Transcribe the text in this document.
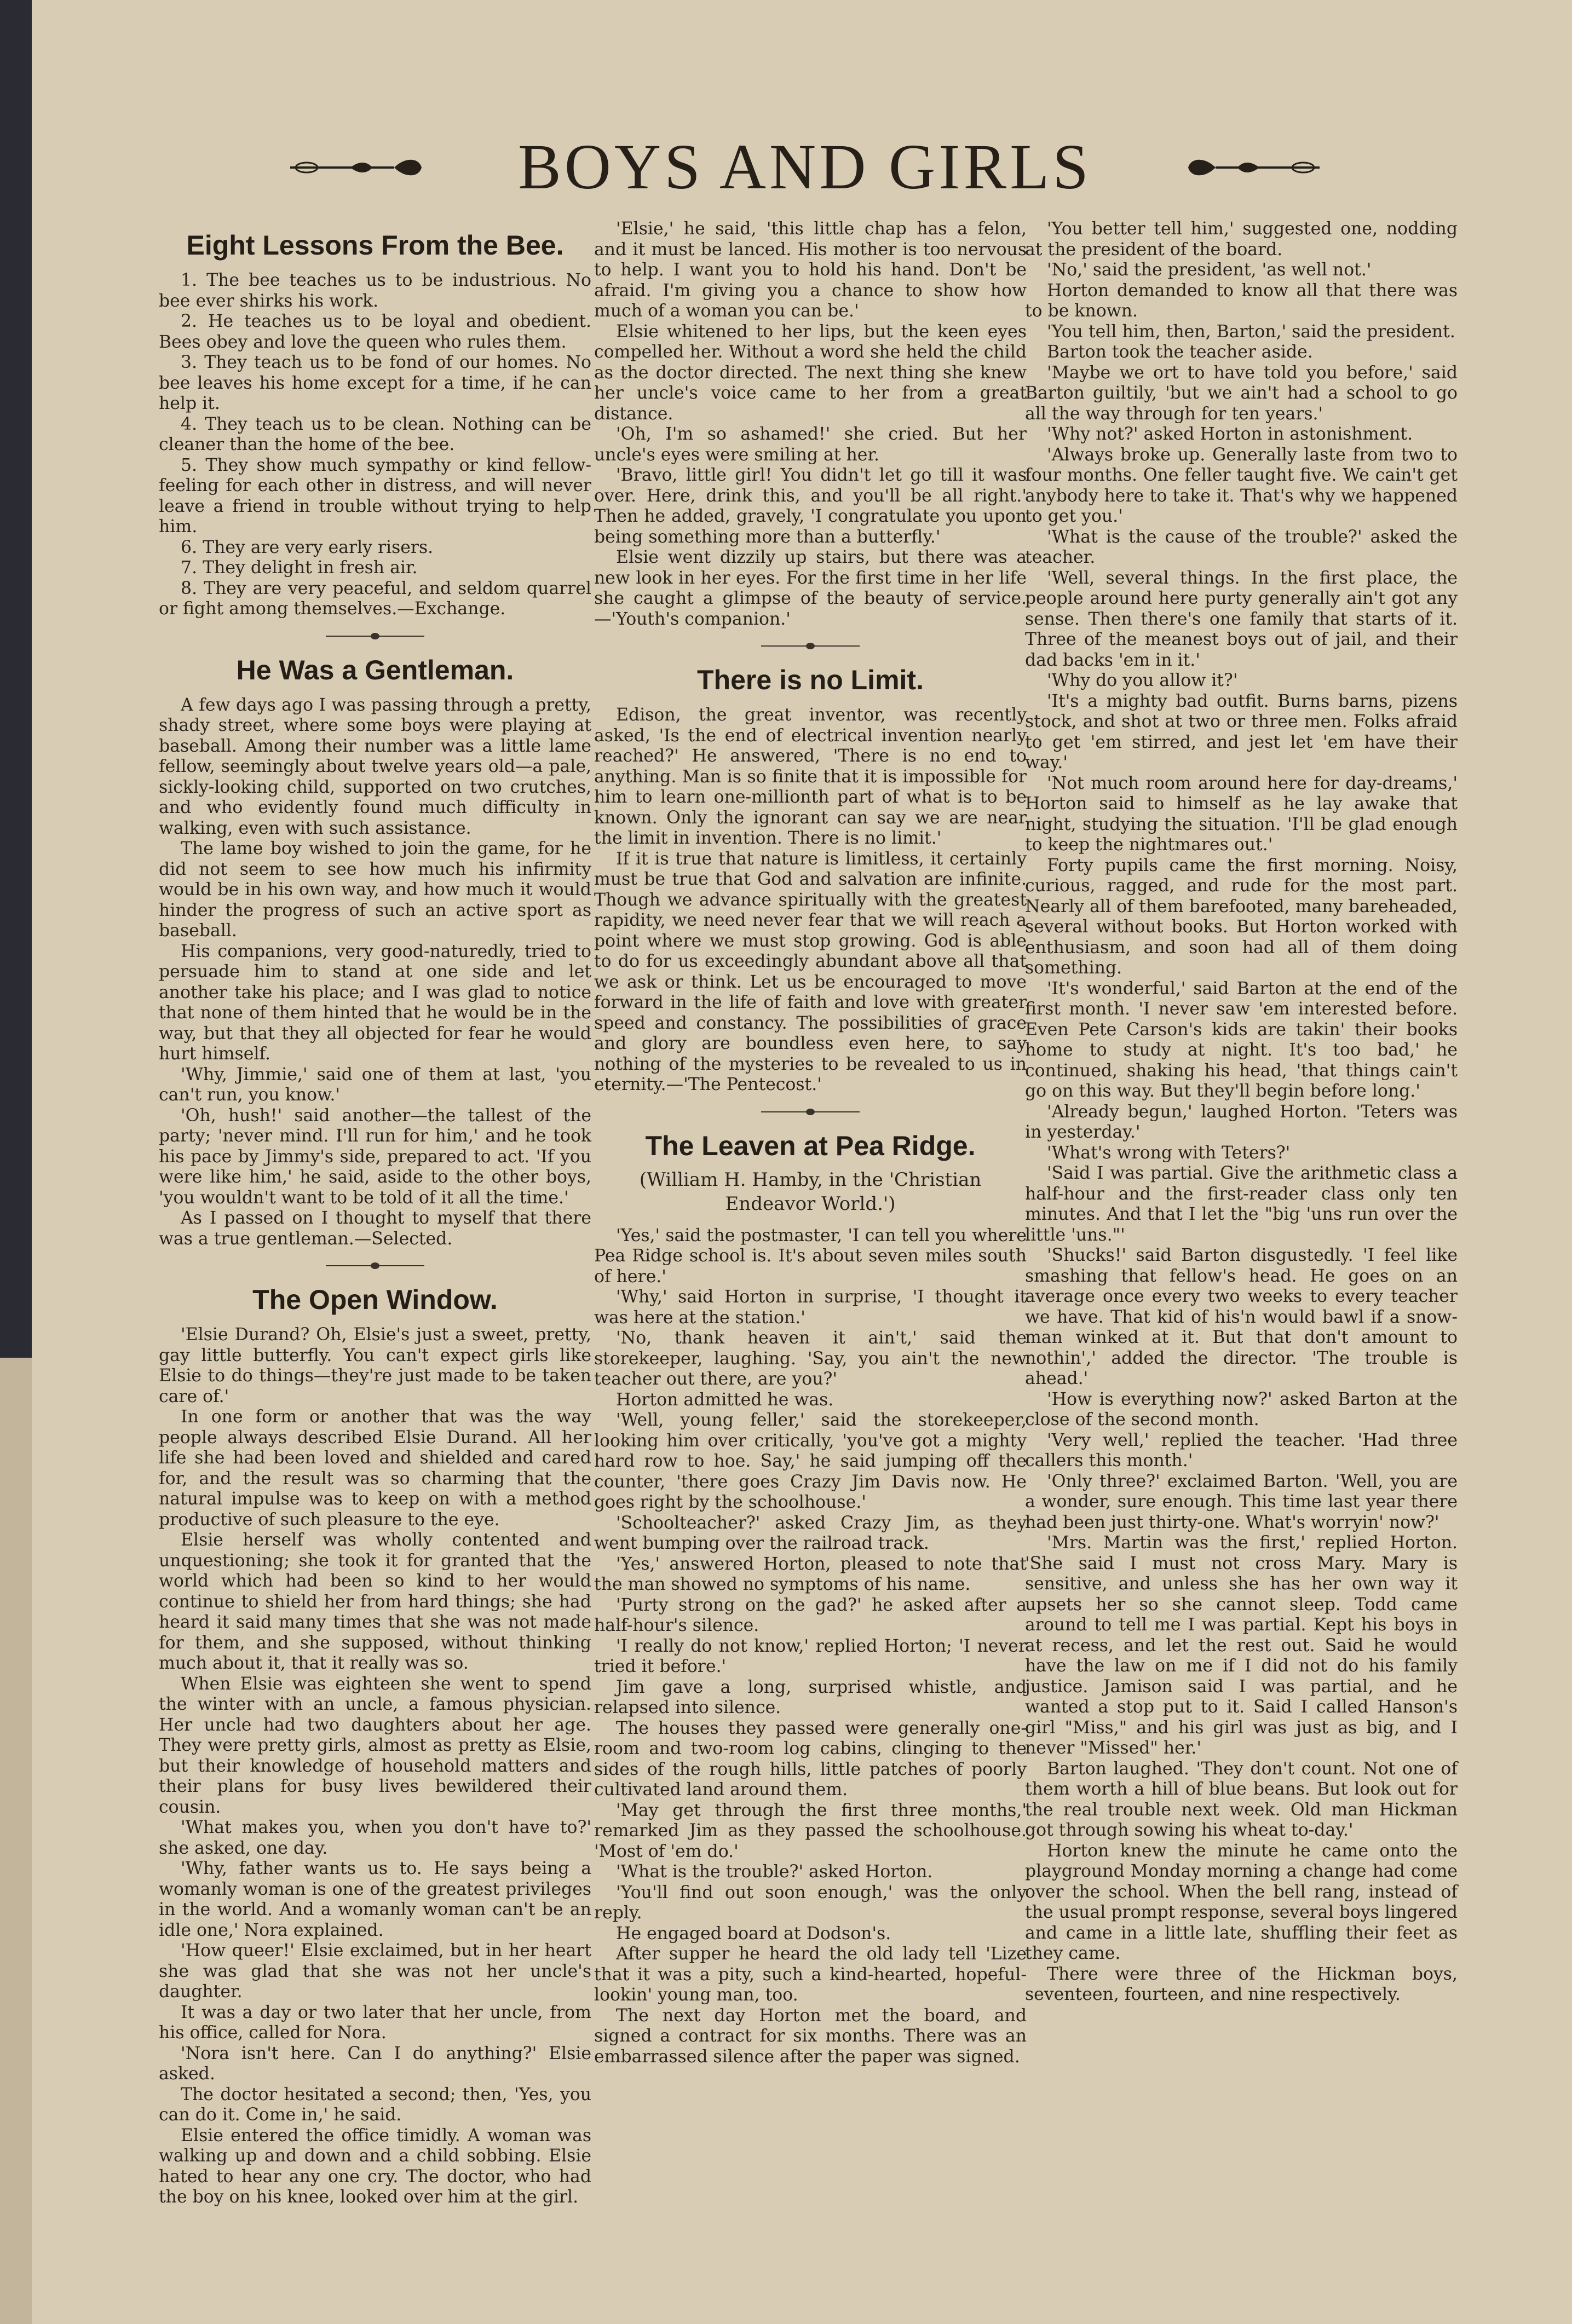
BOYS AND GIRLS
Eight Lessons From the Bee.

1. The bee teaches us to be industrious. No bee ever shirks his work.

2. He teaches us to be loyal and obedient. Bees obey and love the queen who rules them.

3. They teach us to be fond of our homes. No bee leaves his home except for a time, if he can help it.

4. They teach us to be clean. Nothing can be cleaner than the home of the bee.

5. They show much sympathy or kind fellow-feeling for each other in distress, and will never leave a friend in trouble without trying to help him.

6. They are very early risers.

7. They delight in fresh air.

8. They are very peaceful, and seldom quarrel or fight among themselves.—Exchange.

He Was a Gentleman.

A few days ago I was passing through a pretty, shady street, where some boys were playing at baseball. Among their number was a little lame fellow, seemingly about twelve years old—a pale, sickly-looking child, supported on two crutches, and who evidently found much difficulty in walking, even with such assistance.

The lame boy wished to join the game, for he did not seem to see how much his infirmity would be in his own way, and how much it would hinder the progress of such an active sport as baseball.

His companions, very good-naturedly, tried to persuade him to stand at one side and let another take his place; and I was glad to notice that none of them hinted that he would be in the way, but that they all objected for fear he would hurt himself.

'Why, Jimmie,' said one of them at last, 'you can't run, you know.'

'Oh, hush!' said another—the tallest of the party; 'never mind. I'll run for him,' and he took his pace by Jimmy's side, prepared to act. 'If you were like him,' he said, aside to the other boys, 'you wouldn't want to be told of it all the time.'

As I passed on I thought to myself that there was a true gentleman.—Selected.

The Open Window.

'Elsie Durand? Oh, Elsie's just a sweet, pretty, gay little butterfly. You can't expect girls like Elsie to do things—they're just made to be taken care of.'

In one form or another that was the way people always described Elsie Durand. All her life she had been loved and shielded and cared for, and the result was so charming that the natural impulse was to keep on with a method productive of such pleasure to the eye.

Elsie herself was wholly contented and unquestioning; she took it for granted that the world which had been so kind to her would continue to shield her from hard things; she had heard it said many times that she was not made for them, and she supposed, without thinking much about it, that it really was so.

When Elsie was eighteen she went to spend the winter with an uncle, a famous physician. Her uncle had two daughters about her age. They were pretty girls, almost as pretty as Elsie, but their knowledge of household matters and their plans for busy lives bewildered their cousin.

'What makes you, when you don't have to?' she asked, one day.

'Why, father wants us to. He says being a womanly woman is one of the greatest privileges in the world. And a womanly woman can't be an idle one,' Nora explained.

'How queer!' Elsie exclaimed, but in her heart she was glad that she was not her uncle's daughter.

It was a day or two later that her uncle, from his office, called for Nora.

'Nora isn't here. Can I do anything?' Elsie asked.

The doctor hesitated a second; then, 'Yes, you can do it. Come in,' he said.

Elsie entered the office timidly. A woman was walking up and down and a child sobbing. Elsie hated to hear any one cry. The doctor, who had the boy on his knee, looked over him at the girl.

'Elsie,' he said, 'this little chap has a felon, and it must be lanced. His mother is too nervous to help. I want you to hold his hand. Don't be afraid. I'm giving you a chance to show how much of a woman you can be.'

Elsie whitened to her lips, but the keen eyes compelled her. Without a word she held the child as the doctor directed. The next thing she knew her uncle's voice came to her from a great distance.

'Oh, I'm so ashamed!' she cried. But her uncle's eyes were smiling at her.

'Bravo, little girl! You didn't let go till it was over. Here, drink this, and you'll be all right.' Then he added, gravely, 'I congratulate you upon being something more than a butterfly.'

Elsie went dizzily up stairs, but there was a new look in her eyes. For the first time in her life she caught a glimpse of the beauty of service.—'Youth's companion.'

There is no Limit.

Edison, the great inventor, was recently asked, 'Is the end of electrical invention nearly reached?' He answered, 'There is no end to anything. Man is so finite that it is impossible for him to learn one-millionth part of what is to be known. Only the ignorant can say we are near the limit in invention. There is no limit.'

If it is true that nature is limitless, it certainly must be true that God and salvation are infinite. Though we advance spiritually with the greatest rapidity, we need never fear that we will reach a point where we must stop growing. God is able to do for us exceedingly abundant above all that we ask or think. Let us be encouraged to move forward in the life of faith and love with greater speed and constancy. The possibilities of grace and glory are boundless even here, to say nothing of the mysteries to be revealed to us in eternity.—'The Pentecost.'

The Leaven at Pea Ridge.
(William H. Hamby, in the 'Christian Endeavor World.')

'Yes,' said the postmaster, 'I can tell you where Pea Ridge school is. It's about seven miles south of here.'

'Why,' said Horton in surprise, 'I thought it was here at the station.'

'No, thank heaven it ain't,' said the storekeeper, laughing. 'Say, you ain't the new teacher out there, are you?'

Horton admitted he was.

'Well, young feller,' said the storekeeper, looking him over critically, 'you've got a mighty hard row to hoe. Say,' he said jumping off the counter, 'there goes Crazy Jim Davis now. He goes right by the schoolhouse.'

'Schoolteacher?' asked Crazy Jim, as they went bumping over the railroad track.

'Yes,' answered Horton, pleased to note that the man showed no symptoms of his name.

'Purty strong on the gad?' he asked after a half-hour's silence.

'I really do not know,' replied Horton; 'I never tried it before.'

Jim gave a long, surprised whistle, and relapsed into silence.

The houses they passed were generally one-room and two-room log cabins, clinging to the sides of the rough hills, little patches of poorly cultivated land around them.

'May get through the first three months,' remarked Jim as they passed the schoolhouse. 'Most of 'em do.'

'What is the trouble?' asked Horton.

'You'll find out soon enough,' was the only reply.

He engaged board at Dodson's.

After supper he heard the old lady tell 'Lize that it was a pity, such a kind-hearted, hopeful-lookin' young man, too.

The next day Horton met the board, and signed a contract for six months. There was an embarrassed silence after the paper was signed.

'You better tell him,' suggested one, nodding at the president of the board.

'No,' said the president, 'as well not.'

Horton demanded to know all that there was to be known.

'You tell him, then, Barton,' said the president.

Barton took the teacher aside.

'Maybe we ort to have told you before,' said Barton guiltily, 'but we ain't had a school to go all the way through for ten years.'

'Why not?' asked Horton in astonishment.

'Always broke up. Generally laste from two to four months. One feller taught five. We cain't get anybody here to take it. That's why we happened to get you.'

'What is the cause of the trouble?' asked the teacher.

'Well, several things. In the first place, the people around here purty generally ain't got any sense. Then there's one family that starts of it. Three of the meanest boys out of jail, and their dad backs 'em in it.'

'Why do you allow it?'

'It's a mighty bad outfit. Burns barns, pizens stock, and shot at two or three men. Folks afraid to get 'em stirred, and jest let 'em have their way.'

'Not much room around here for day-dreams,' Horton said to himself as he lay awake that night, studying the situation. 'I'll be glad enough to keep the nightmares out.'

Forty pupils came the first morning. Noisy, curious, ragged, and rude for the most part. Nearly all of them barefooted, many bareheaded, several without books. But Horton worked with enthusiasm, and soon had all of them doing something.

'It's wonderful,' said Barton at the end of the first month. 'I never saw 'em interested before. Even Pete Carson's kids are takin' their books home to study at night. It's too bad,' he continued, shaking his head, 'that things cain't go on this way. But they'll begin before long.'

'Already begun,' laughed Horton. 'Teters was in yesterday.'

'What's wrong with Teters?'

'Said I was partial. Give the arithmetic class a half-hour and the first-reader class only ten minutes. And that I let the "big 'uns run over the little 'uns."'

'Shucks!' said Barton disgustedly. 'I feel like smashing that fellow's head. He goes on an average once every two weeks to every teacher we have. That kid of his'n would bawl if a snow-man winked at it. But that don't amount to nothin',' added the director. 'The trouble is ahead.'

'How is everything now?' asked Barton at the close of the second month.

'Very well,' replied the teacher. 'Had three callers this month.'

'Only three?' exclaimed Barton. 'Well, you are a wonder, sure enough. This time last year there had been just thirty-one. What's worryin' now?'

'Mrs. Martin was the first,' replied Horton. 'She said I must not cross Mary. Mary is sensitive, and unless she has her own way it upsets her so she cannot sleep. Todd came around to tell me I was partial. Kept his boys in at recess, and let the rest out. Said he would have the law on me if I did not do his family justice. Jamison said I was partial, and he wanted a stop put to it. Said I called Hanson's girl "Miss," and his girl was just as big, and I never "Missed" her.'

Barton laughed. 'They don't count. Not one of them worth a hill of blue beans. But look out for the real trouble next week. Old man Hickman got through sowing his wheat to-day.'

Horton knew the minute he came onto the playground Monday morning a change had come over the school. When the bell rang, instead of the usual prompt response, several boys lingered and came in a little late, shuffling their feet as they came.

There were three of the Hickman boys, seventeen, fourteen, and nine respectively.
